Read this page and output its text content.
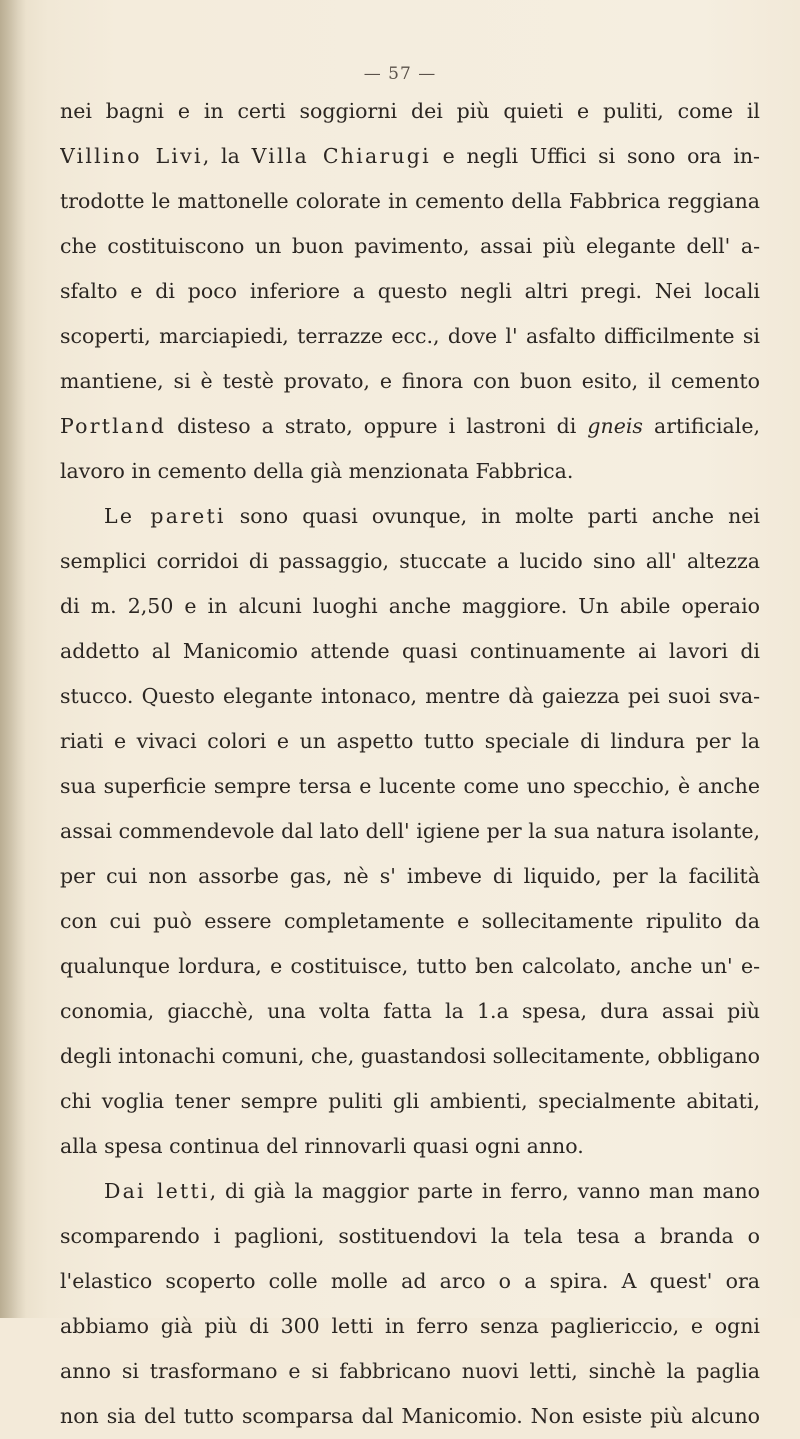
— 57 —
nei bagni e in certi soggiorni dei più quieti e puliti, come il
Villino Livi, la Villa Chiarugi e negli Uffici si sono ora in-
trodotte le mattonelle colorate in cemento della Fabbrica reggiana
che costituiscono un buon pavimento, assai più elegante dell' a-
sfalto e di poco inferiore a questo negli altri pregi. Nei locali
scoperti, marciapiedi, terrazze ecc., dove l' asfalto difficilmente si
mantiene, si è testè provato, e finora con buon esito, il cemento
Portland disteso a strato, oppure i lastroni di gneis artificiale,
lavoro in cemento della già menzionata Fabbrica.
Le pareti sono quasi ovunque, in molte parti anche nei
semplici corridoi di passaggio, stuccate a lucido sino all' altezza
di m. 2,50 e in alcuni luoghi anche maggiore. Un abile operaio
addetto al Manicomio attende quasi continuamente ai lavori di
stucco. Questo elegante intonaco, mentre dà gaiezza pei suoi sva-
riati e vivaci colori e un aspetto tutto speciale di lindura per la
sua superficie sempre tersa e lucente come uno specchio, è anche
assai commendevole dal lato dell' igiene per la sua natura isolante,
per cui non assorbe gas, nè s' imbeve di liquido, per la facilità
con cui può essere completamente e sollecitamente ripulito da
qualunque lordura, e costituisce, tutto ben calcolato, anche un' e-
conomia, giacchè, una volta fatta la 1.a spesa, dura assai più
degli intonachi comuni, che, guastandosi sollecitamente, obbligano
chi voglia tener sempre puliti gli ambienti, specialmente abitati,
alla spesa continua del rinnovarli quasi ogni anno.
Dai letti, di già la maggior parte in ferro, vanno man mano
scomparendo i paglioni, sostituendovi la tela tesa a branda o
l'elastico scoperto colle molle ad arco o a spira. A quest' ora
abbiamo già più di 300 letti in ferro senza pagliericcio, e ogni
anno si trasformano e si fabbricano nuovi letti, sinchè la paglia
non sia del tutto scomparsa dal Manicomio. Non esiste più alcuno
